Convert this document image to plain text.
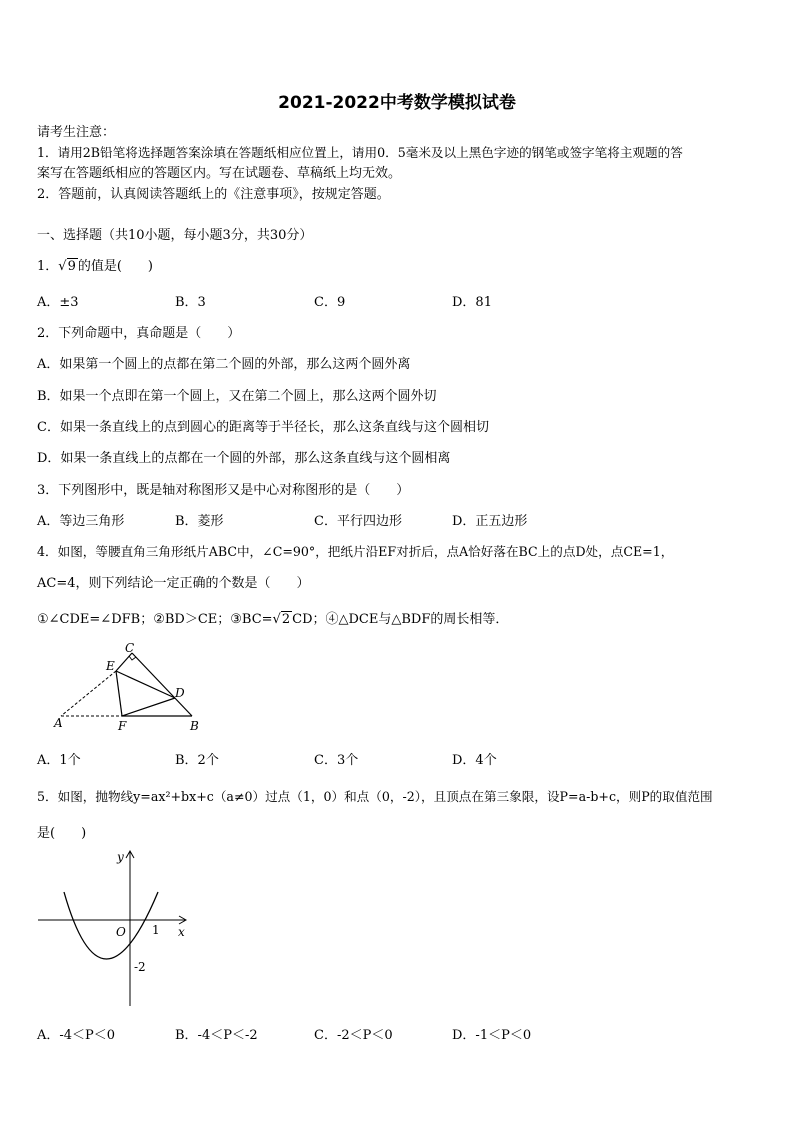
2021-2022中考数学模拟试卷
请考生注意：
1．请用2B铅笔将选择题答案涂填在答题纸相应位置上，请用0．5毫米及以上黑色字迹的钢笔或签字笔将主观题的答
案写在答题纸相应的答题区内。写在试题卷、草稿纸上均无效。
2．答题前，认真阅读答题纸上的《注意事项》，按规定答题。
一、选择题（共10小题，每小题3分，共30分）
1．√9 的值是(　　)
A．±3	B．3	C．9	D．81
2．下列命题中，真命题是（　　）
A．如果第一个圆上的点都在第二个圆的外部，那么这两个圆外离
B．如果一个点即在第一个圆上，又在第二个圆上，那么这两个圆外切
C．如果一条直线上的点到圆心的距离等于半径长，那么这条直线与这个圆相切
D．如果一条直线上的点都在一个圆的外部，那么这条直线与这个圆相离
3．下列图形中，既是轴对称图形又是中心对称图形的是（　　）
A．等边三角形	B．菱形	C．平行四边形	D．正五边形
4．如图，等腰直角三角形纸片ABC中，∠C=90°，把纸片沿EF对折后，点A恰好落在BC上的点D处，点CE=1，
AC=4，则下列结论一定正确的个数是（　　）
①∠CDE=∠DFB；②BD＞CE；③BC=√2 CD；④△DCE与△BDF的周长相等．
C
E
D
A	F	B
A．1个	B．2个	C．3个	D．4个
5．如图，抛物线y=ax²+bx+c（a≠0）过点（1，0）和点（0，-2），且顶点在第三象限，设P=a-b+c，则P的取值范围
是(　　)
y
x
O 1
-2
A．-4＜P＜0	B．-4＜P＜-2	C．-2＜P＜0	D．-1＜P＜0
